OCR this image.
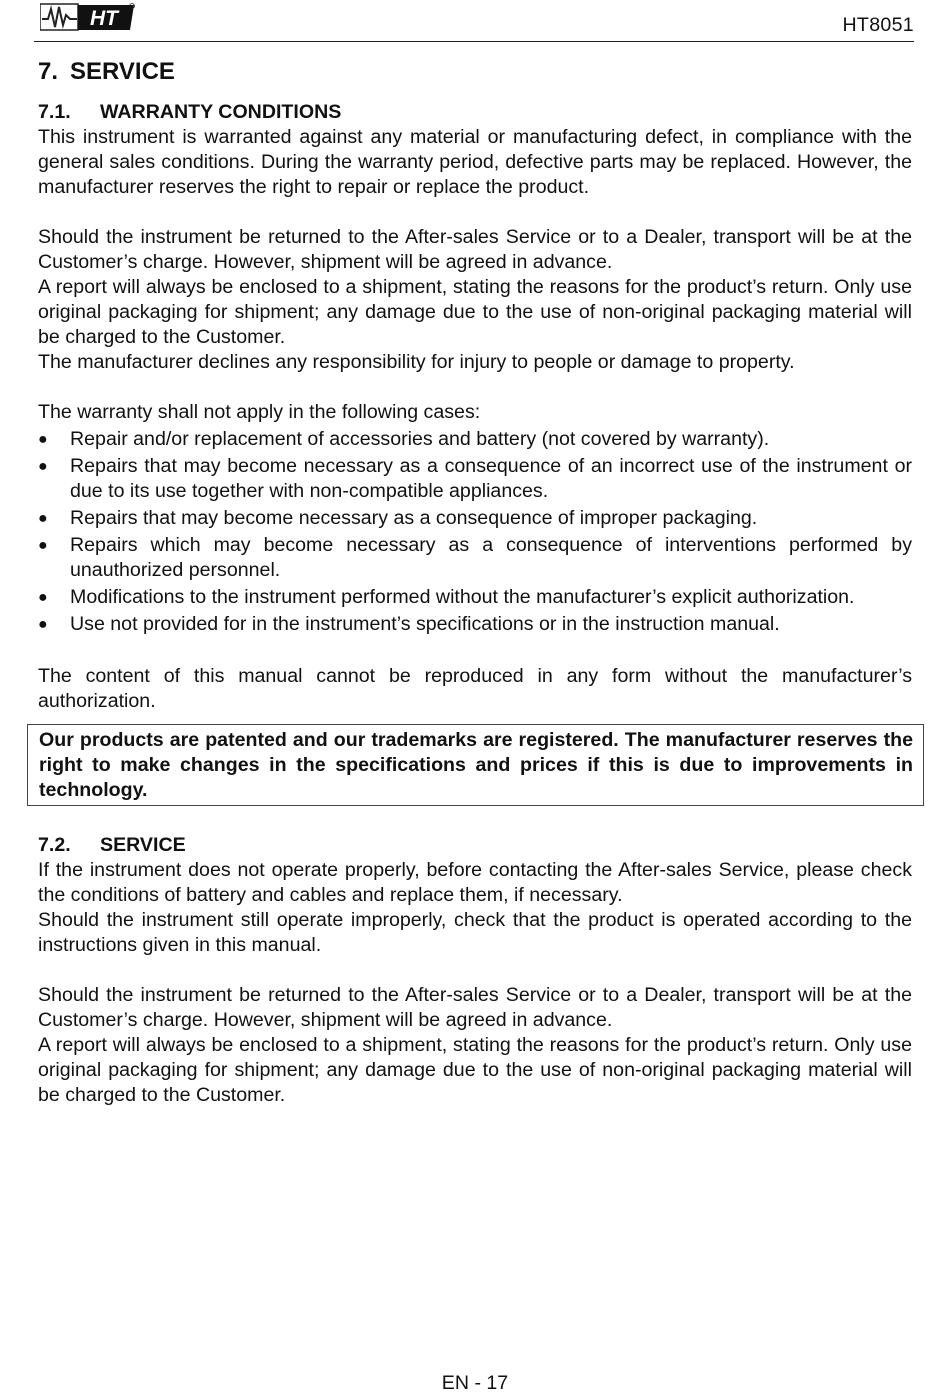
HT	HT8051
7. SERVICE
7.1. WARRANTY CONDITIONS

This instrument is warranted against any material or manufacturing defect, in compliance with the general sales conditions. During the warranty period, defective parts may be replaced. However, the manufacturer reserves the right to repair or replace the product.

Should the instrument be returned to the After-sales Service or to a Dealer, transport will be at the Customer’s charge. However, shipment will be agreed in advance.

A report will always be enclosed to a shipment, stating the reasons for the product’s return. Only use original packaging for shipment; any damage due to the use of non-original packaging material will be charged to the Customer.

The manufacturer declines any responsibility for injury to people or damage to property.

The warranty shall not apply in the following cases:

● Repair and/or replacement of accessories and battery (not covered by warranty).
● Repairs that may become necessary as a consequence of an incorrect use of the instrument or due to its use together with non-compatible appliances.
● Repairs that may become necessary as a consequence of improper packaging.
● Repairs which may become necessary as a consequence of interventions performed by unauthorized personnel.
● Modifications to the instrument performed without the manufacturer’s explicit authorization.
● Use not provided for in the instrument’s specifications or in the instruction manual.

The content of this manual cannot be reproduced in any form without the manufacturer’s authorization.

Our products are patented and our trademarks are registered. The manufacturer reserves the right to make changes in the specifications and prices if this is due to improvements in technology.
7.2. SERVICE

If the instrument does not operate properly, before contacting the After-sales Service, please check the conditions of battery and cables and replace them, if necessary.

Should the instrument still operate improperly, check that the product is operated according to the instructions given in this manual.

Should the instrument be returned to the After-sales Service or to a Dealer, transport will be at the Customer’s charge. However, shipment will be agreed in advance.

A report will always be enclosed to a shipment, stating the reasons for the product’s return. Only use original packaging for shipment; any damage due to the use of non-original packaging material will be charged to the Customer.

EN - 17
